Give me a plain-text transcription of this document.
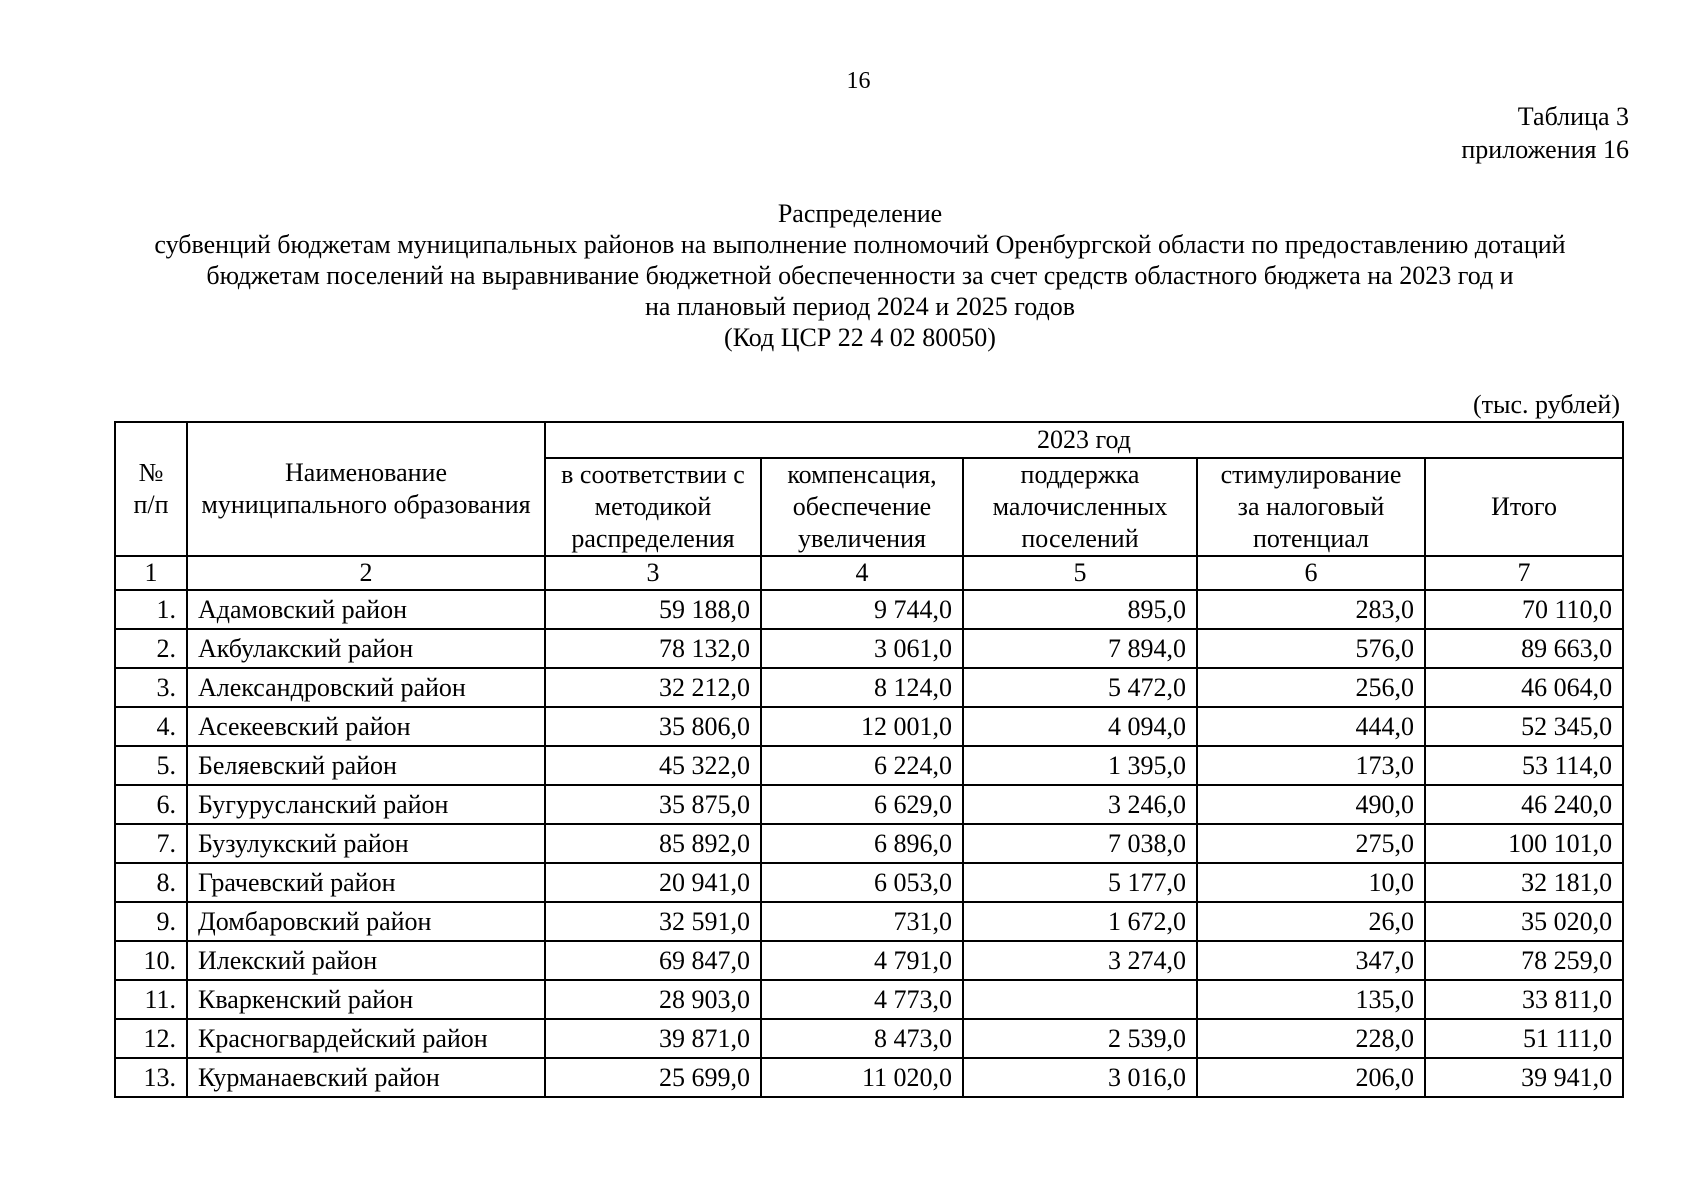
16
Таблица 3
приложения 16
Распределение
субвенций бюджетам муниципальных районов на выполнение полномочий Оренбургской области по предоставлению дотаций
бюджетам поселений на выравнивание бюджетной обеспеченности за счет средств областного бюджета на 2023 год и
на плановый период 2024 и 2025 годов
(Код ЦСР 22 4 02 80050)
(тыс. рублей)
№ п/п	Наименование муниципального образования	2023 год				
		в соответствии с методикой распределения	компенсация, обеспечение увеличения	поддержка малочисленных поселений	стимулирование за налоговый потенциал	Итого
1	2	3	4	5	6	7
1.	Адамовский район	59 188,0	9 744,0	895,0	283,0	70 110,0
2.	Акбулакский район	78 132,0	3 061,0	7 894,0	576,0	89 663,0
3.	Александровский район	32 212,0	8 124,0	5 472,0	256,0	46 064,0
4.	Асекеевский район	35 806,0	12 001,0	4 094,0	444,0	52 345,0
5.	Беляевский район	45 322,0	6 224,0	1 395,0	173,0	53 114,0
6.	Бугурусланский район	35 875,0	6 629,0	3 246,0	490,0	46 240,0
7.	Бузулукский район	85 892,0	6 896,0	7 038,0	275,0	100 101,0
8.	Грачевский район	20 941,0	6 053,0	5 177,0	10,0	32 181,0
9.	Домбаровский район	32 591,0	731,0	1 672,0	26,0	35 020,0
10.	Илекский район	69 847,0	4 791,0	3 274,0	347,0	78 259,0
11.	Кваркенский район	28 903,0	4 773,0		135,0	33 811,0
12.	Красногвардейский район	39 871,0	8 473,0	2 539,0	228,0	51 111,0
13.	Курманаевский район	25 699,0	11 020,0	3 016,0	206,0	39 941,0
